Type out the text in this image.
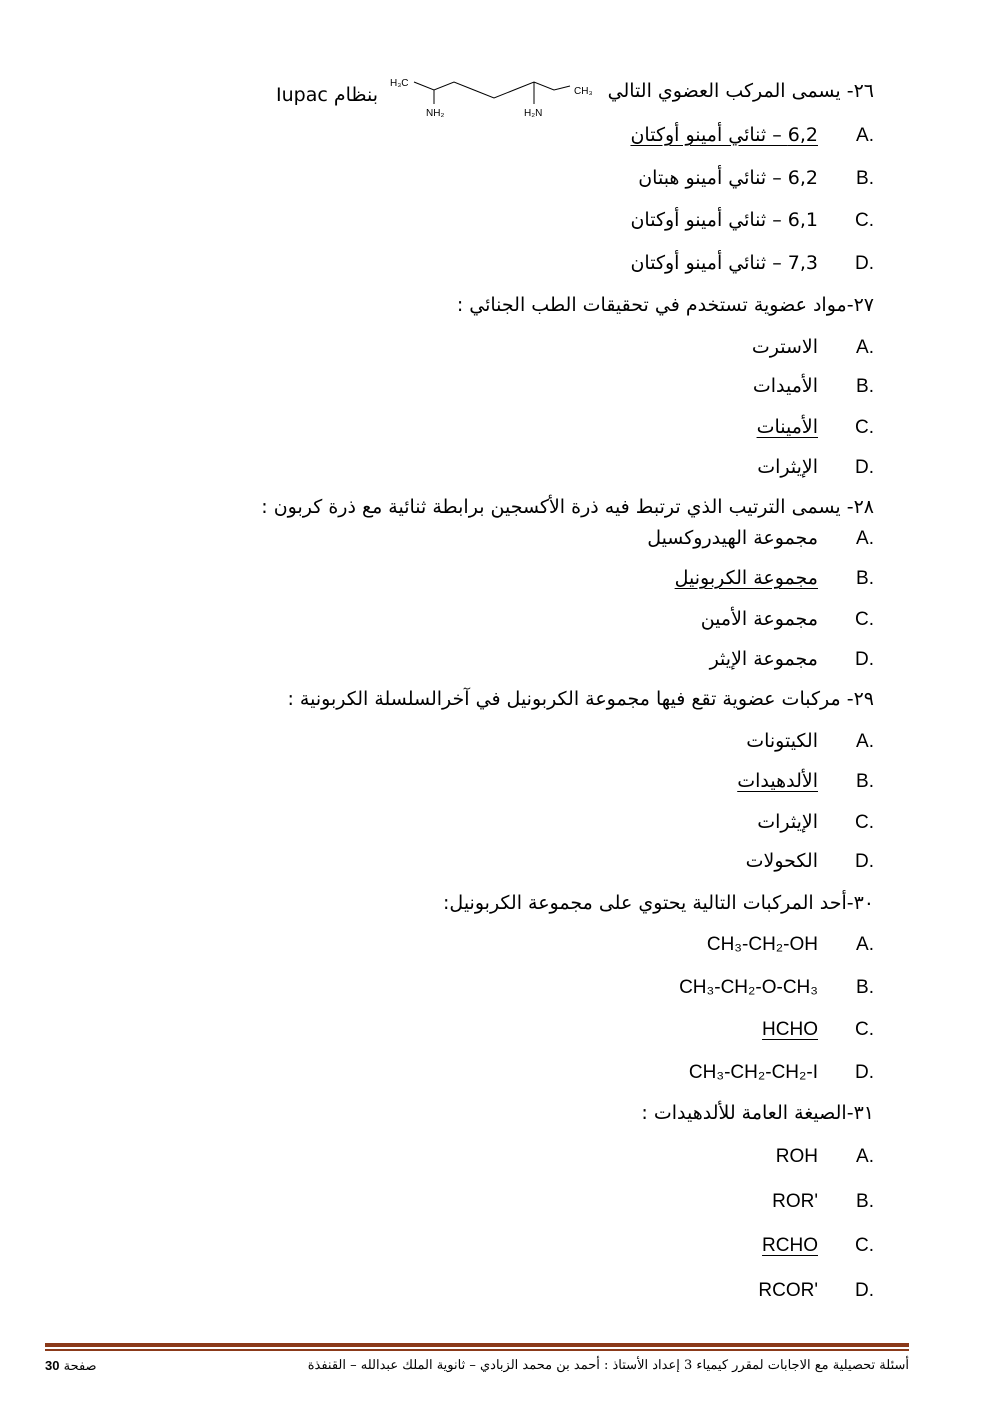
٢٦- يسمى المركب العضوي التالي
H₃C
NH₂	H₂N
CH₃
بنظام Iupac
A.
6,2 – ثنائي أمينو أوكتان
B.
6,2 – ثنائي أمينو هبتان
C.
6,1 – ثنائي أمينو أوكتان
D.
7,3 – ثنائي أمينو أوكتان
٢٧-مواد عضوية تستخدم في تحقيقات الطب الجنائي :
A.
الاسترت
B.
الأميدات
C.
الأمينات
D.
الإيثرات
٢٨- يسمى الترتيب الذي ترتبط فيه ذرة الأكسجين برابطة ثنائية مع ذرة كربون :
A.
مجموعة الهيدروكسيل
B.
مجموعة الكربونيل
C.
مجموعة الأمين
D.
مجموعة الإيثر
٢٩- مركبات عضوية تقع فيها مجموعة الكربونيل في آخرالسلسلة الكربونية :
A.
الكيتونات
B.
الألدهيدات
C.
الإيثرات
D.
الكحولات
٣٠-أحد المركبات التالية يحتوي على مجموعة الكربونيل:
A.
CH₃-CH₂-OH
B.
CH₃-CH₂-O-CH₃
C.
HCHO
D.
CH₃-CH₂-CH₂-I
٣١-الصيغة العامة للألدهيدات :
A.
ROH
B.
ROR'
C.
RCHO
D.
RCOR'
أسئلة تحصيلية مع الاجابات لمقرر كيمياء 3 إعداد الأستاذ : أحمد بن محمد الزبادي – ثانوية الملك عبدالله – القنفذة
صفحة 30
